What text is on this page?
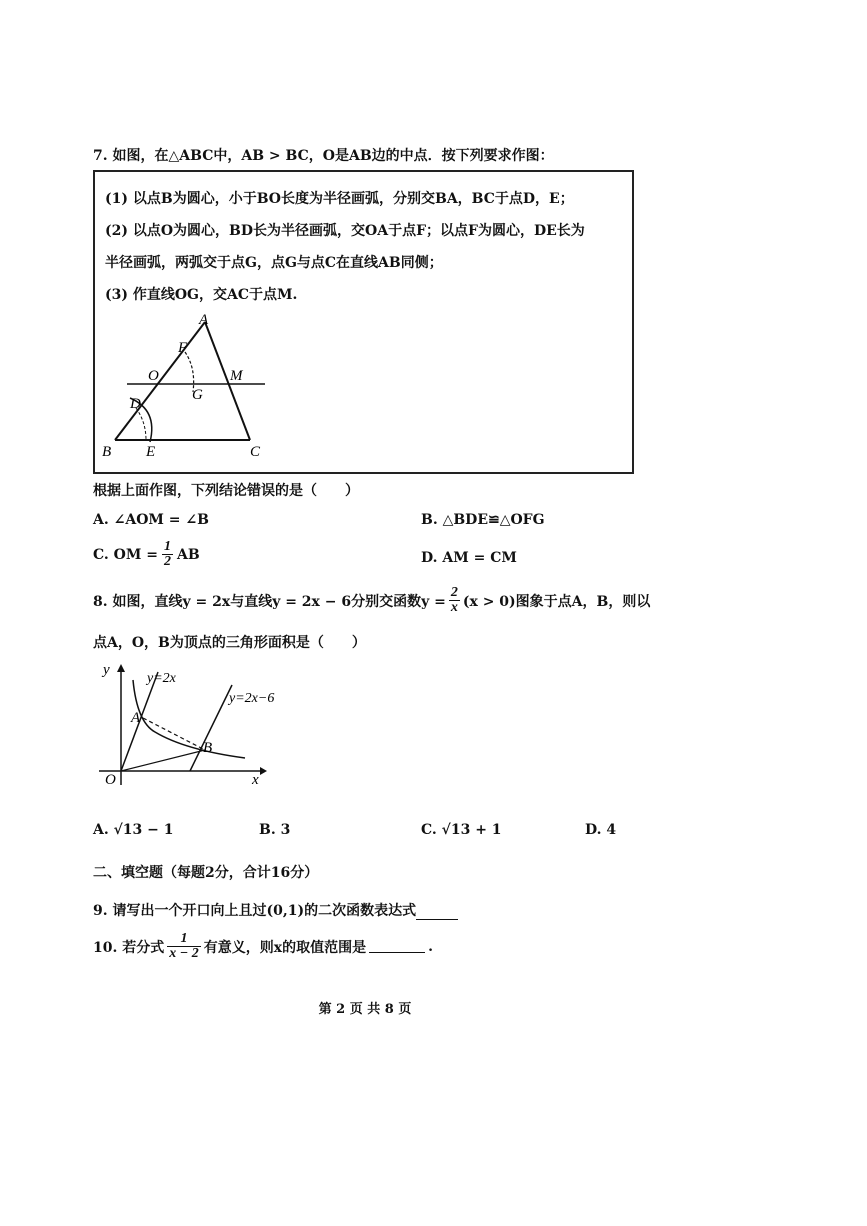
7. 如图，在△ABC中，AB > BC，O是AB边的中点．按下列要求作图：
(1) 以点B为圆心，小于BO长度为半径画弧，分别交BA，BC于点D，E；
(2) 以点O为圆心，BD长为半径画弧，交OA于点F；以点F为圆心，DE长为
半径画弧，两弧交于点G，点G与点C在直线AB同侧；
(3) 作直线OG，交AC于点M.
A
B	C
D
E
F
G
O	M
根据上面作图，下列结论错误的是（　　）
A. ∠AOM = ∠B	B. △BDE≌△OFG
C. OM = $\frac{1}{2}$ AB	D. AM = CM
8. 如图，直线y = 2x与直线y = 2x − 6分别交函数$y = \frac{2}{x} (x > 0)$图象于点A，B，则以
点A，O，B为顶点的三角形面积是（　　）
y
x
O
A
B
y=2x
y=2x−6
A. √13 − 1	B. 3	C. √13 + 1	D. 4
二、填空题（每题2分，合计16分）
9. 请写出一个开口向上且过(0,1)的二次函数表达式
10. 若分式 $\frac{1}{x - 2}$ 有意义，则x的取值范围是	.
第 2 页 共 8 页
